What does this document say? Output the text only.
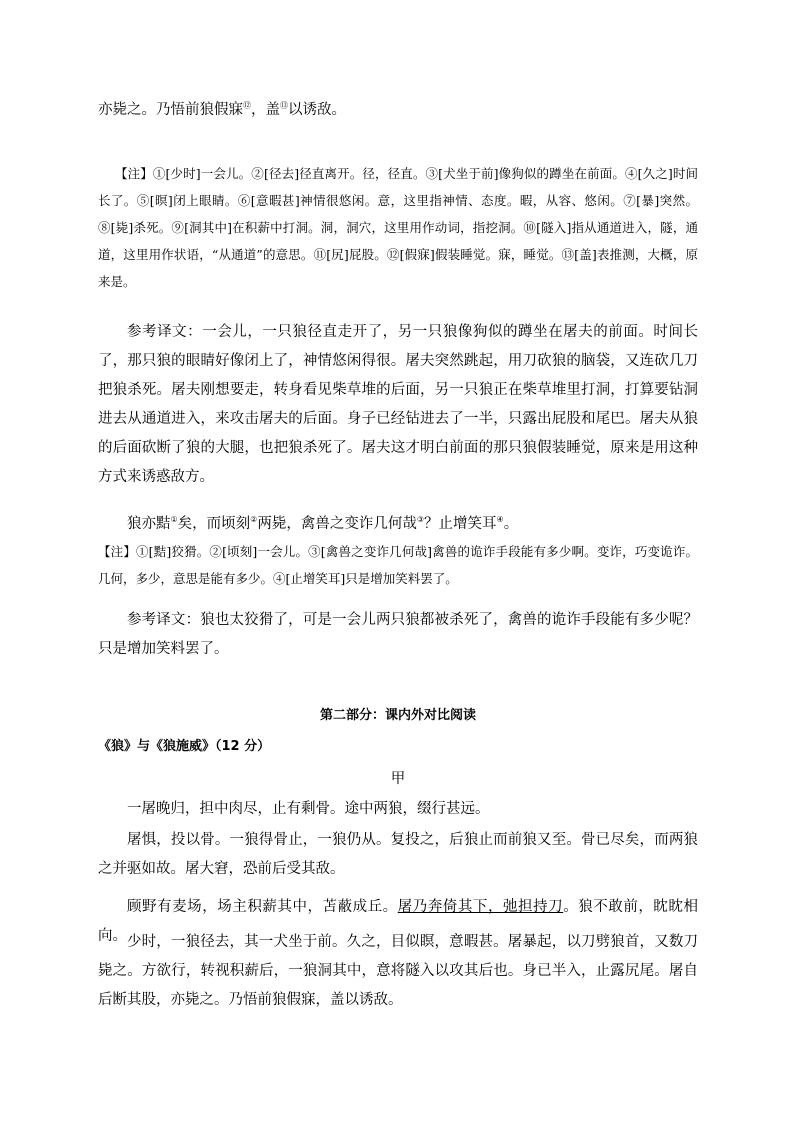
亦毙之。乃悟前狼假寐⑫，盖⑬以诱敌。

【注】①[少时]一会儿。②[径去]径直离开。径，径直。③[犬坐于前]像狗似的蹲坐在前面。④[久之]时间长了。⑤[暝]闭上眼睛。⑥[意暇甚]神情很悠闲。意，这里指神情、态度。暇，从容、悠闲。⑦[暴]突然。⑧[毙]杀死。⑨[洞其中]在积薪中打洞。洞，洞穴，这里用作动词，指挖洞。⑩[隧入]指从通道进入，隧，通道，这里用作状语，“从通道”的意思。⑪[尻]屁股。⑫[假寐]假装睡觉。寐，睡觉。⑬[盖]表推测，大概，原来是。

参考译文：一会儿，一只狼径直走开了，另一只狼像狗似的蹲坐在屠夫的前面。时间长了，那只狼的眼睛好像闭上了，神情悠闲得很。屠夫突然跳起，用刀砍狼的脑袋，又连砍几刀把狼杀死。屠夫刚想要走，转身看见柴草堆的后面，另一只狼正在柴草堆里打洞，打算要钻洞进去从通道进入，来攻击屠夫的后面。身子已经钻进去了一半，只露出屁股和尾巴。屠夫从狼的后面砍断了狼的大腿，也把狼杀死了。屠夫这才明白前面的那只狼假装睡觉，原来是用这种方式来诱惑敌方。

狼亦黠①矣，而顷刻②两毙，禽兽之变诈几何哉③？止增笑耳④。

【注】①[黠]狡猾。②[顷刻]一会儿。③[禽兽之变诈几何哉]禽兽的诡诈手段能有多少啊。变诈，巧变诡诈。几何，多少，意思是能有多少。④[止增笑耳]只是增加笑料罢了。

参考译文：狼也太狡猾了，可是一会儿两只狼都被杀死了，禽兽的诡诈手段能有多少呢？只是增加笑料罢了。

第二部分：课内外对比阅读

《狼》与《狼施威》（12 分）

甲

一屠晚归，担中肉尽，止有剩骨。途中两狼，缀行甚远。

屠惧，投以骨。一狼得骨止，一狼仍从。复投之，后狼止而前狼又至。骨已尽矣，而两狼之并驱如故。屠大窘，恐前后受其敌。

顾野有麦场，场主积薪其中，苫蔽成丘。屠乃奔倚其下，弛担持刀。狼不敢前，眈眈相向。 少时，一狼径去，其一犬坐于前。久之，目似瞑，意暇甚。屠暴起，以刀劈狼首，又数刀毙之。方欲行，转视积薪后，一狼洞其中，意将隧入以攻其后也。身已半入，止露尻尾。屠自后断其股，亦毙之。乃悟前狼假寐，盖以诱敌。
